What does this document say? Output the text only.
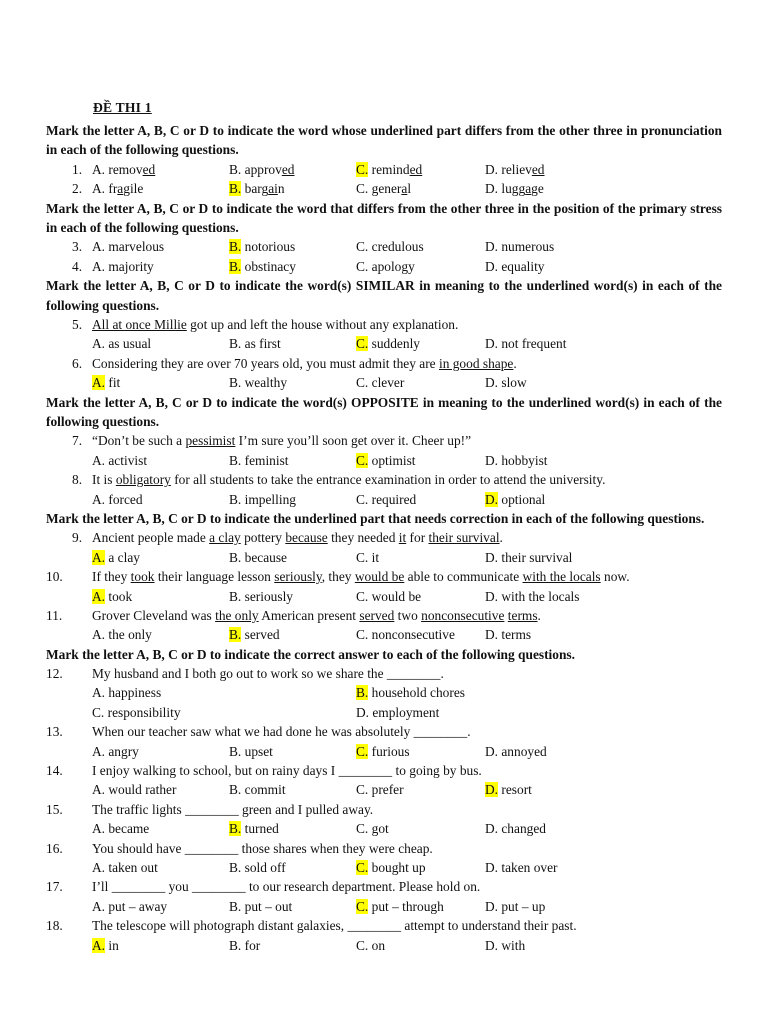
ĐỀ THI 1
Mark the letter A, B, C or D to indicate the word whose underlined part differs from the other three in pronunciation in each of the following questions.
1. A. removed	B. approved	C. reminded	D. relieved
2. A. fragile	B. bargain	C. general	D. luggage
Mark the letter A, B, C or D to indicate the word that differs from the other three in the position of the primary stress in each of the following questions.
3. A. marvelous	B. notorious	C. credulous	D. numerous
4. A. majority	B. obstinacy	C. apology	D. equality
Mark the letter A, B, C or D to indicate the word(s) SIMILAR in meaning to the underlined word(s) in each of the following questions.
5. All at once Millie got up and left the house without any explanation.
A. as usual	B. as first	C. suddenly	D. not frequent
6. Considering they are over 70 years old, you must admit they are in good shape.
A. fit	B. wealthy	C. clever	D. slow
Mark the letter A, B, C or D to indicate the word(s) OPPOSITE in meaning to the underlined word(s) in each of the following questions.
7. “Don’t be such a pessimist I’m sure you’ll soon get over it. Cheer up!”
A. activist	B. feminist	C. optimist	D. hobbyist
8. It is obligatory for all students to take the entrance examination in order to attend the university.
A. forced	B. impelling	C. required	D. optional
Mark the letter A, B, C or D to indicate the underlined part that needs correction in each of the following questions.
9. Ancient people made a clay pottery because they needed it for their survival.
A. a clay	B. because	C. it	D. their survival
10.	If they took their language lesson seriously, they would be able to communicate with the locals now.
A. took	B. seriously	C. would be	D. with the locals
11.	Grover Cleveland was the only American present served two nonconsecutive terms.
A. the only	B. served	C. nonconsecutive	D. terms
Mark the letter A, B, C or D to indicate the correct answer to each of the following questions.
12.	My husband and I both go out to work so we share the ________.
A. happiness	B. household chores
C. responsibility	D. employment
13.	When our teacher saw what we had done he was absolutely ________.
A. angry	B. upset	C. furious	D. annoyed
14.	I enjoy walking to school, but on rainy days I ________ to going by bus.
A. would rather	B. commit	C. prefer	D. resort
15.	The traffic lights ________ green and I pulled away.
A. became	B. turned	C. got	D. changed
16.	You should have ________ those shares when they were cheap.
A. taken out	B. sold off	C. bought up	D. taken over
17.	I’ll ________ you ________ to our research department. Please hold on.
A. put – away	B. put – out	C. put – through	D. put – up
18.	The telescope will photograph distant galaxies, ________ attempt to understand their past.
A. in	B. for	C. on	D. with
